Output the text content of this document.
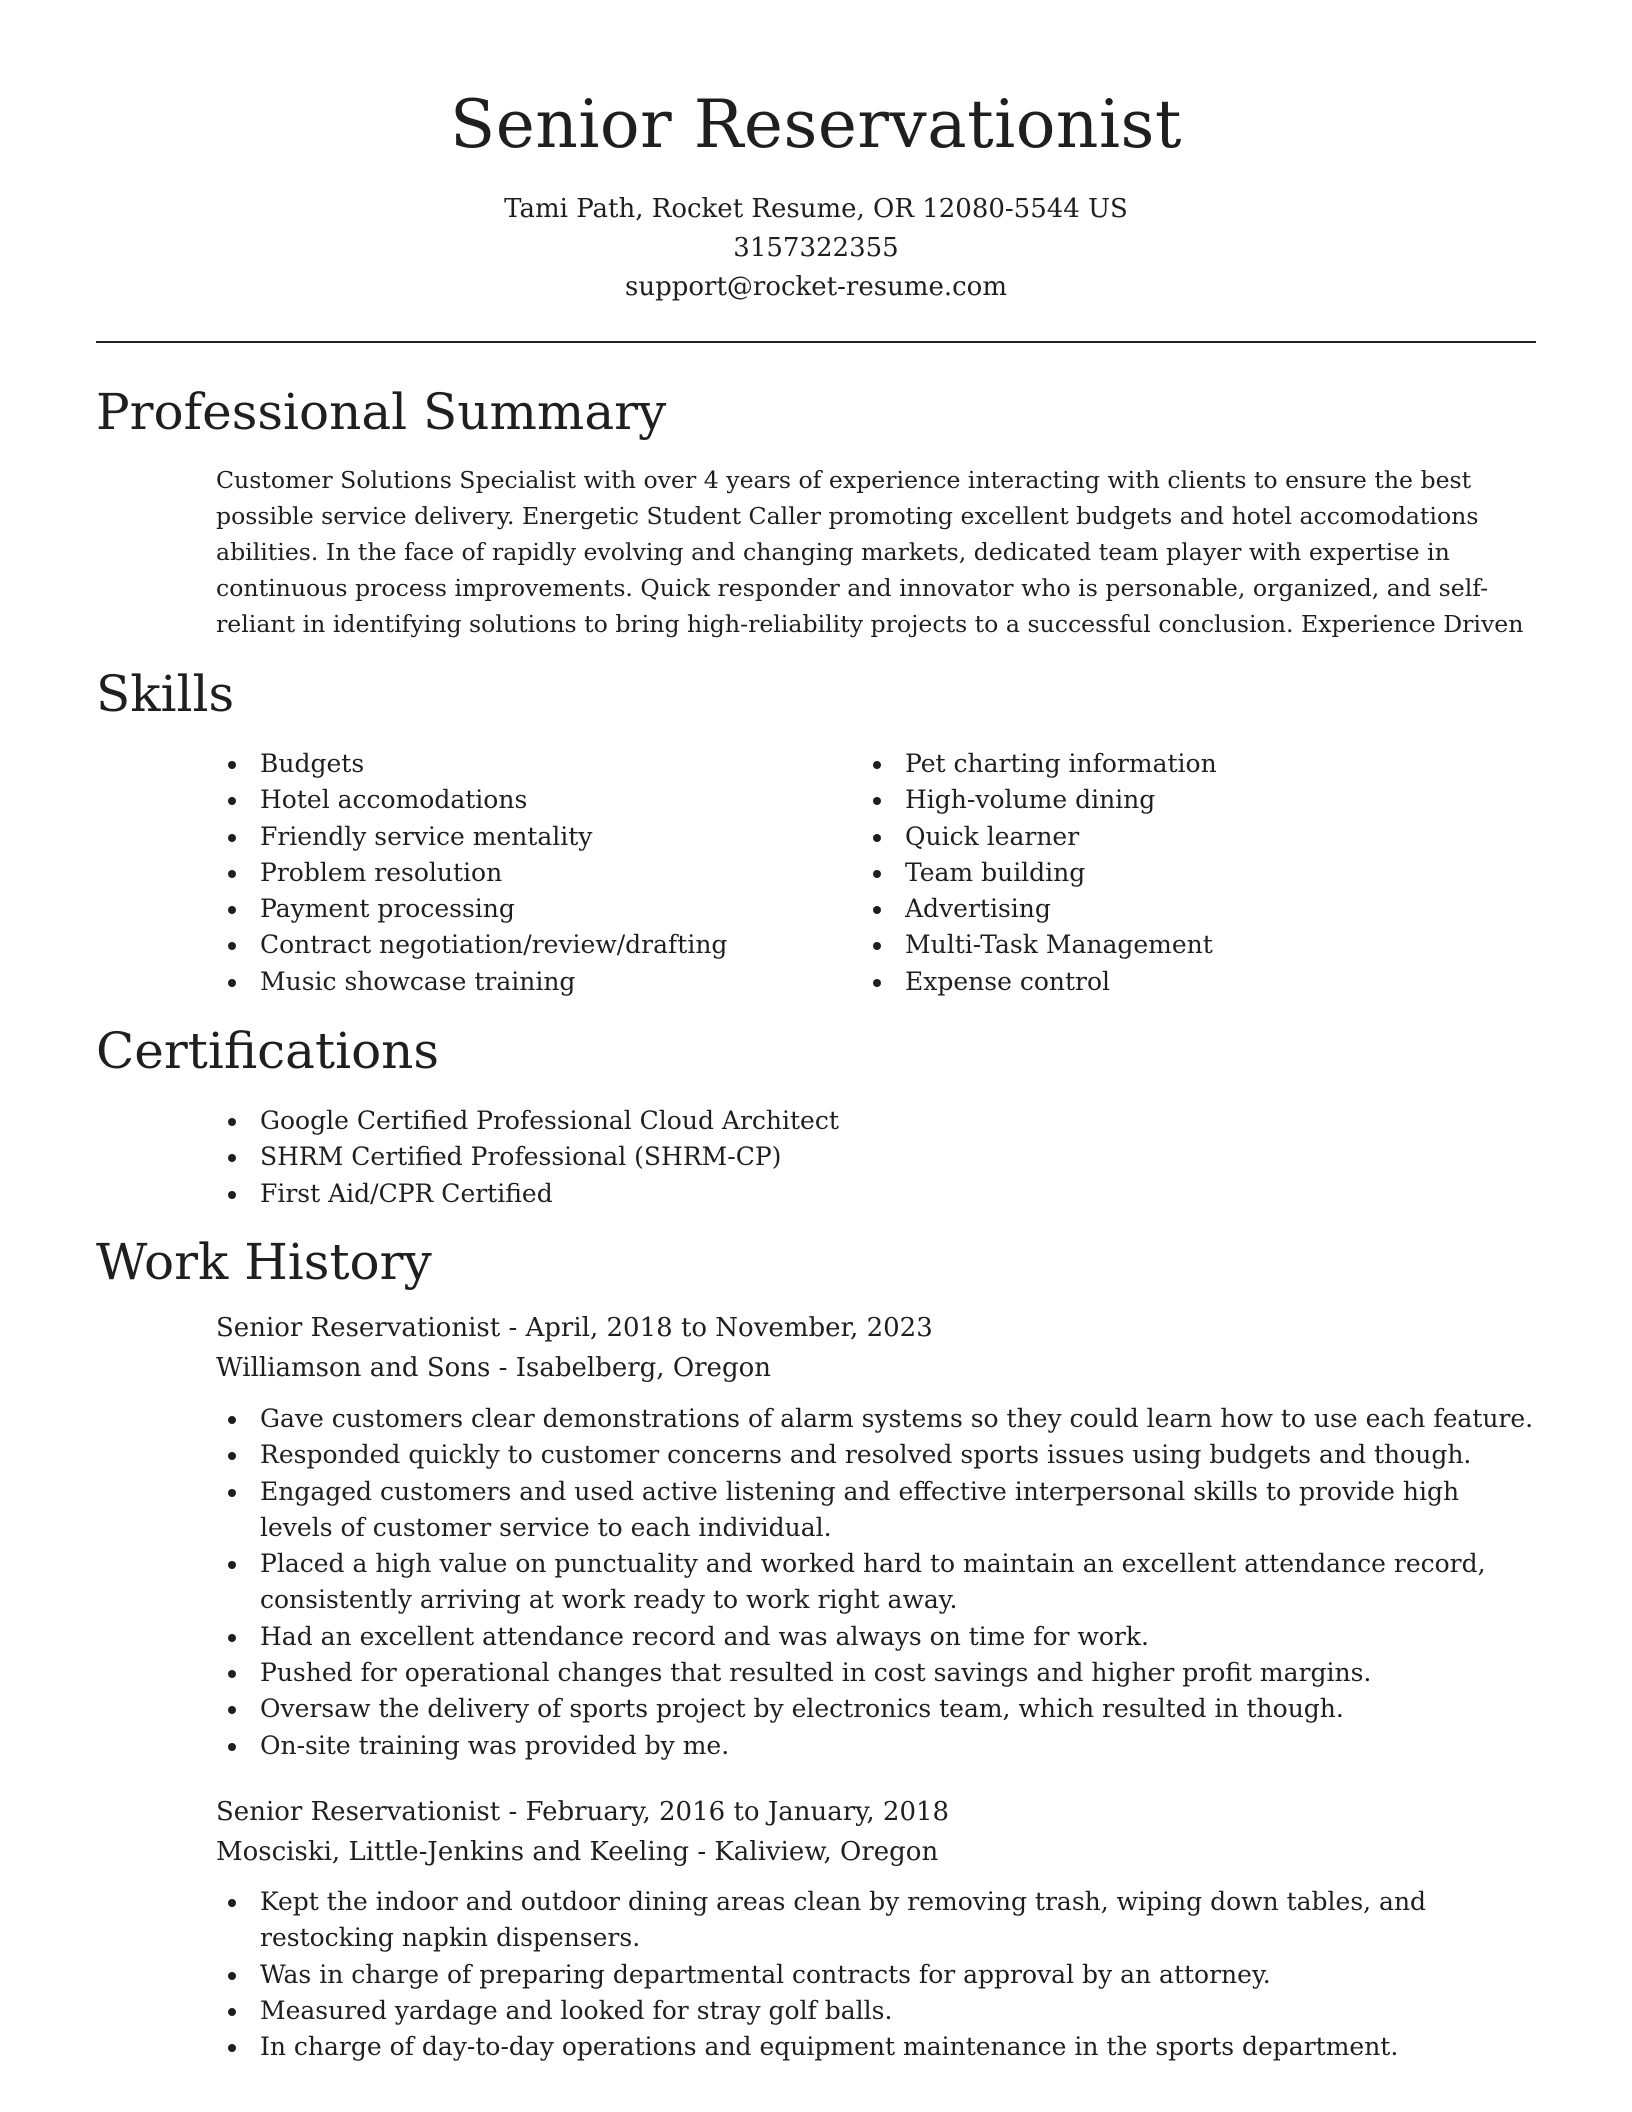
Senior Reservationist
Tami Path, Rocket Resume, OR 12080-5544 US
3157322355
support@rocket-resume.com
Professional Summary

Customer Solutions Specialist with over 4 years of experience interacting with clients to ensure the best possible service delivery. Energetic Student Caller promoting excellent budgets and hotel accomodations abilities. In the face of rapidly evolving and changing markets, dedicated team player with expertise in continuous process improvements. Quick responder and innovator who is personable, organized, and self-reliant in identifying solutions to bring high-reliability projects to a successful conclusion. Experience Driven

Skills
Budgets
Hotel accomodations
Friendly service mentality
Problem resolution
Payment processing
Contract negotiation/review/drafting
Music showcase training
Pet charting information
High-volume dining
Quick learner
Team building
Advertising
Multi-Task Management
Expense control
Certifications
Google Certified Professional Cloud Architect
SHRM Certified Professional (SHRM-CP)
First Aid/CPR Certified
Work History
Senior Reservationist - April, 2018 to November, 2023
Williamson and Sons - Isabelberg, Oregon
Gave customers clear demonstrations of alarm systems so they could learn how to use each feature.
Responded quickly to customer concerns and resolved sports issues using budgets and though.
Engaged customers and used active listening and effective interpersonal skills to provide high levels of customer service to each individual.
Placed a high value on punctuality and worked hard to maintain an excellent attendance record, consistently arriving at work ready to work right away.
Had an excellent attendance record and was always on time for work.
Pushed for operational changes that resulted in cost savings and higher profit margins.
Oversaw the delivery of sports project by electronics team, which resulted in though.
On-site training was provided by me.
Senior Reservationist - February, 2016 to January, 2018
Mosciski, Little-Jenkins and Keeling - Kaliview, Oregon
Kept the indoor and outdoor dining areas clean by removing trash, wiping down tables, and restocking napkin dispensers.
Was in charge of preparing departmental contracts for approval by an attorney.
Measured yardage and looked for stray golf balls.
In charge of day-to-day operations and equipment maintenance in the sports department.
